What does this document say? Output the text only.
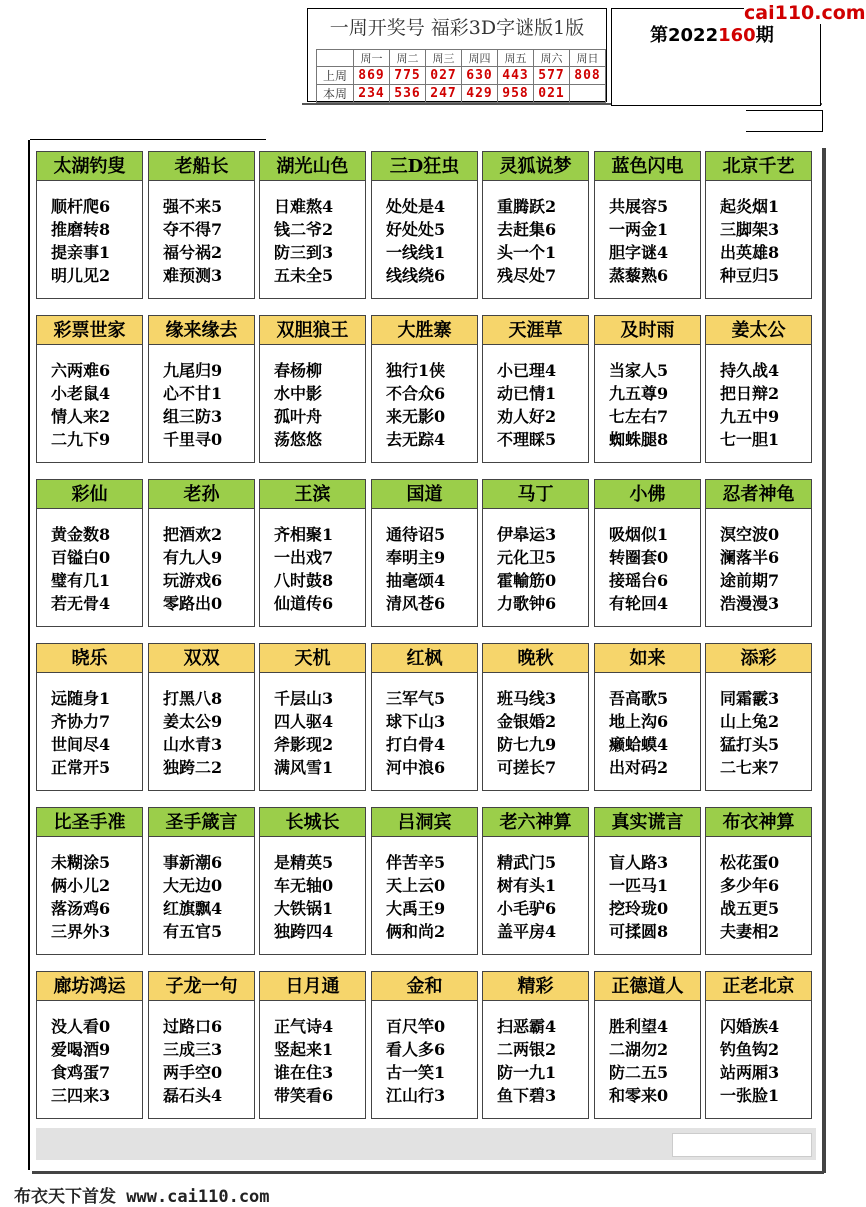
一周开奖号 福彩3D字谜版1版
	周一	周二	周三	周四	周五	周六	周日
上周	869	775	027	630	443	577	808
本周	234	536	247	429	958	021	
第2022160期
cai110.com
太湖钓叟
顺杆爬6
推磨转8
提亲事1
明儿见2
老船长
强不来5
夺不得7
福兮祸2
难预测3
湖光山色
日难熬4
钱二爷2
防三到3
五未全5
三D狂虫
处处是4
好处处5
一线线1
线线绕6
灵狐说梦
重腾跃2
去赶集6
头一个1
残尽处7
蓝色闪电
共展容5
一两金1
胆字谜4
蒸藜熟6
北京千艺
起炎烟1
三脚架3
出英雄8
种豆归5
彩票世家
六两难6
小老鼠4
情人来2
二九下9
缘来缘去
九尾归9
心不甘1
组三防3
千里寻0
双胆狼王
春杨柳
水中影
孤叶舟
荡悠悠
大胜寨
独行1侠
不合众6
来无影0
去无踪4
天涯草
小已理4
动已情1
劝人好2
不理睬5
及时雨
当家人5
九五尊9
七左右7
蜘蛛腿8
姜太公
持久战4
把日辩2
九五中9
七一胆1
彩仙
黄金数8
百镒白0
璧有几1
若无骨4
老孙
把酒欢2
有九人9
玩游戏6
零路出0
王滨
齐相聚1
一出戏7
八时鼓8
仙道传6
国道
通待诏5
奉明主9
抽毫颂4
清风苍6
马丁
伊皋运3
元化卫5
霍輸筋0
力歌钟6
小佛
吸烟似1
转圈套0
接瑶台6
有轮回4
忍者神龟
溟空波0
澜落半6
途前期7
浩漫漫3
晓乐
远随身1
齐协力7
世间尽4
正常开5
双双
打黑八8
姜太公9
山水青3
独跨二2
天机
千层山3
四人驱4
斧影现2
满风雪1
红枫
三军气5
球下山3
打白骨4
河中浪6
晚秋
班马线3
金银婚2
防七九9
可搓长7
如来
吾高歌5
地上沟6
癞蛤蟆4
出对码2
添彩
同霜霰3
山上兔2
猛打头5
二七来7
比圣手准
未糊涂5
俩小儿2
落汤鸡6
三界外3
圣手箴言
事新潮6
大无边0
红旗飘4
有五官5
长城长
是精英5
车无轴0
大铁锅1
独跨四4
吕洞宾
伴苦辛5
天上云0
大禹王9
俩和尚2
老六神算
精武门5
树有头1
小毛驴6
盖平房4
真实谎言
盲人路3
一匹马1
挖玲珑0
可揉圆8
布衣神算
松花蛋0
多少年6
战五更5
夫妻相2
廊坊鸿运
没人看0
爱喝酒9
食鸡蛋7
三四来3
子龙一句
过路口6
三成三3
两手空0
磊石头4
日月通
正气诗4
竖起来1
谁在住3
带笑看6
金和
百尺竿0
看人多6
古一笑1
江山行3
精彩
扫恶霸4
二两银2
防一九1
鱼下碧3
正德道人
胜利望4
二湖勿2
防二五5
和零来0
正老北京
闪婚族4
钓鱼钩2
站两厢3
一张脸1
布衣天下首发 www.cai110.com
